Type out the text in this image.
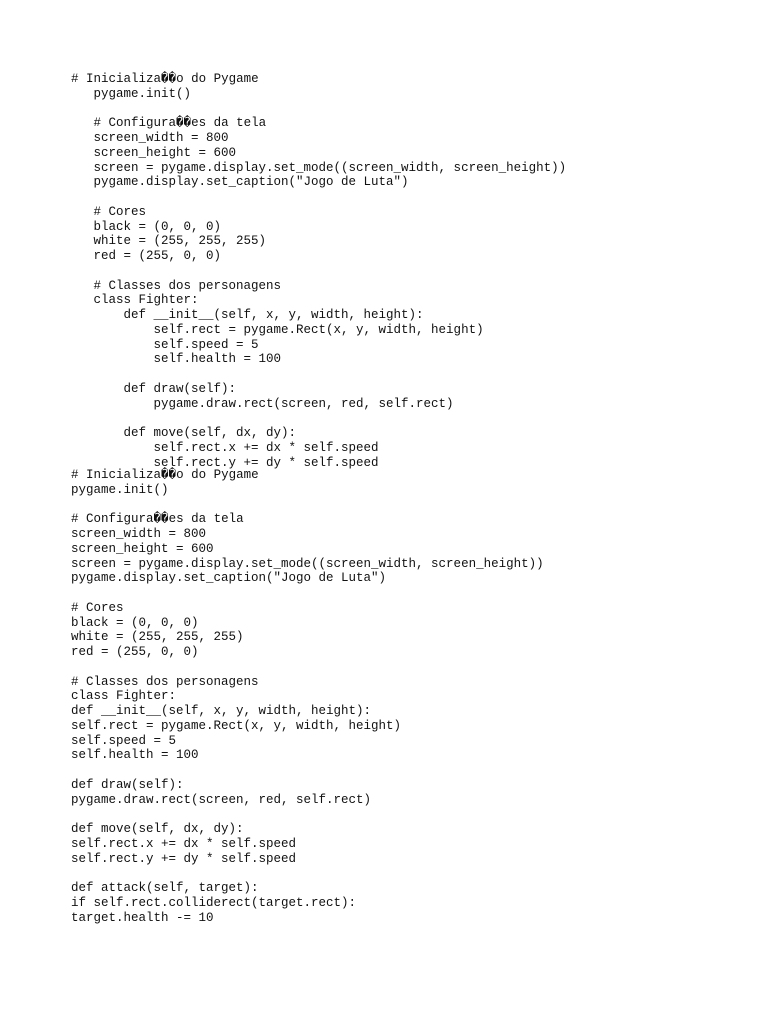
# Inicializa��o do Pygame
pygame.init()
# Configura��es da tela
screen_width = 800
screen_height = 600
screen = pygame.display.set_mode((screen_width, screen_height))
pygame.display.set_caption("Jogo de Luta")
# Cores
black = (0, 0, 0)
white = (255, 255, 255)
red = (255, 0, 0)
# Classes dos personagens
class Fighter:
def __init__(self, x, y, width, height):
self.rect = pygame.Rect(x, y, width, height)
self.speed = 5
self.health = 100
def draw(self):
pygame.draw.rect(screen, red, self.rect)
def move(self, dx, dy):
self.rect.x += dx * self.speed
self.rect.y += dy * self.speed
# Inicializa��o do Pygame
pygame.init()
# Configura��es da tela
screen_width = 800
screen_height = 600
screen = pygame.display.set_mode((screen_width, screen_height))
pygame.display.set_caption("Jogo de Luta")
# Cores
black = (0, 0, 0)
white = (255, 255, 255)
red = (255, 0, 0)
# Classes dos personagens
class Fighter:
def __init__(self, x, y, width, height):
self.rect = pygame.Rect(x, y, width, height)
self.speed = 5
self.health = 100
def draw(self):
pygame.draw.rect(screen, red, self.rect)
def move(self, dx, dy):
self.rect.x += dx * self.speed
self.rect.y += dy * self.speed
def attack(self, target):
if self.rect.colliderect(target.rect):
target.health -= 10
